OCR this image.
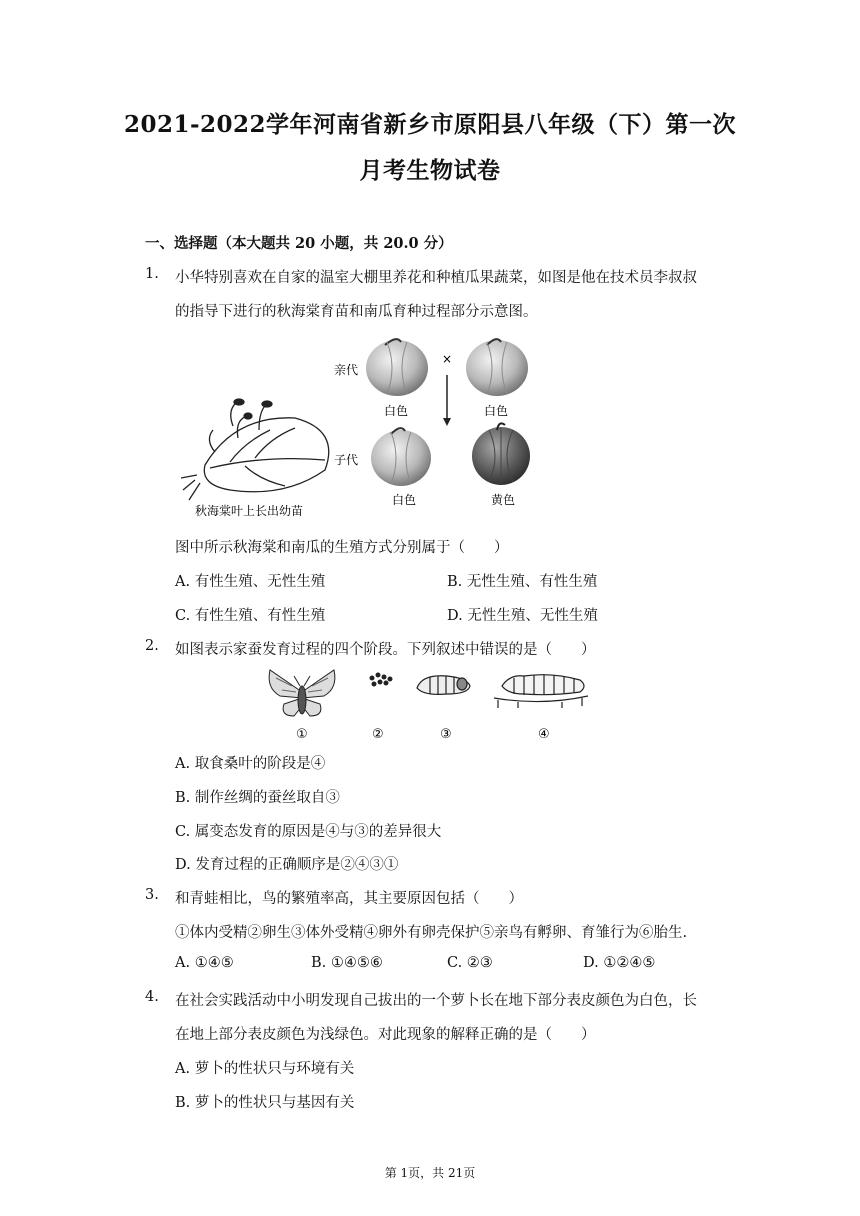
2021-2022学年河南省新乡市原阳县八年级（下）第一次
月考生物试卷
一、选择题（本大题共 20 小题，共 20.0 分）
1. 小华特别喜欢在自家的温室大棚里养花和种植瓜果蔬菜，如图是他在技术员李叔叔
的指导下进行的秋海棠育苗和南瓜育种过程部分示意图。
亲代
白色
×
白色
子代
白色	黄色
秋海棠叶上长出幼苗
图中所示秋海棠和南瓜的生殖方式分别属于（　　）
A. 有性生殖、无性生殖	B. 无性生殖、有性生殖
C. 有性生殖、有性生殖	D. 无性生殖、无性生殖
2. 如图表示家蚕发育过程的四个阶段。下列叙述中错误的是（　　）
①	②	③	④
A. 取食桑叶的阶段是④
B. 制作丝绸的蚕丝取自③
C. 属变态发育的原因是④与③的差异很大
D. 发育过程的正确顺序是②④③①
3. 和青蛙相比，鸟的繁殖率高，其主要原因包括（　　）
①体内受精②卵生③体外受精④卵外有卵壳保护⑤亲鸟有孵卵、育雏行为⑥胎生.
A. ①④⑤	B. ①④⑤⑥	C. ②③	D. ①②④⑤
4. 在社会实践活动中小明发现自己拔出的一个萝卜长在地下部分表皮颜色为白色，长
在地上部分表皮颜色为浅绿色。对此现象的解释正确的是（　　）
A. 萝卜的性状只与环境有关
B. 萝卜的性状只与基因有关
第 1页，共 21页
